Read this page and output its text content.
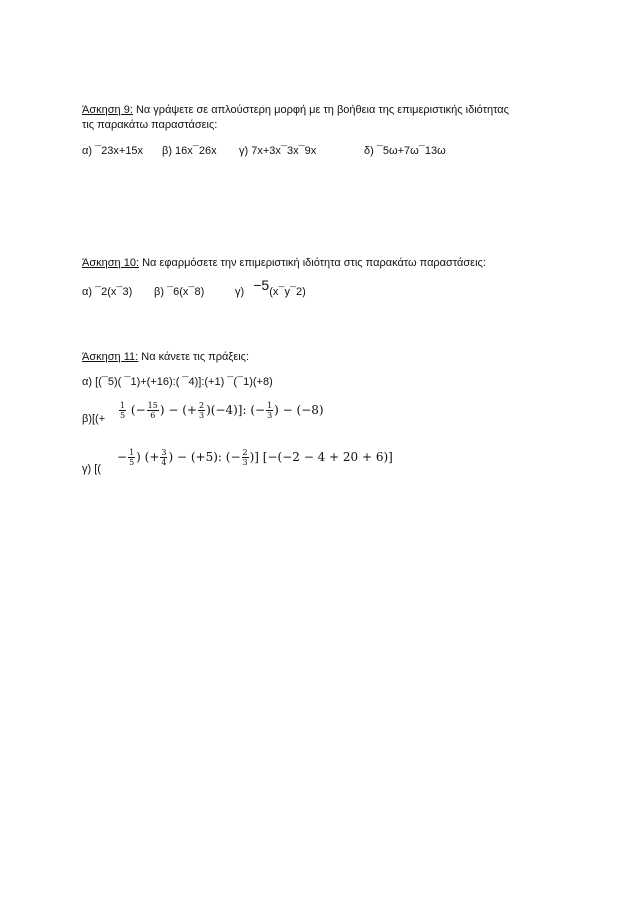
Άσκηση 9: Να γράψετε σε απλούστερη μορφή με τη βοήθεια της επιμεριστικής ιδιότητας
τις παρακάτω παραστάσεις:
α) ¯23x+15x β) 16x¯26x γ) 7x+3x¯3x¯9x	δ) ¯5ω+7ω¯13ω
Άσκηση 10: Να εφαρμόσετε την επιμεριστική ιδιότητα στις παρακάτω παραστάσεις:
α) ¯2(x¯3) β) ¯6(x¯8)	γ) −5(x¯y¯2)
Άσκηση 11: Να κάνετε τις πράξεις:
α) [(¯5)( ¯1)+(+16):( ¯4)]:(+1) ¯(¯1)(+8)
$\beta)[(+ \frac{1}{5}$ (− $\frac{15}{6}$ ) − (+ $\frac{2}{3} )(-4)$]: (− $\frac{1}{3}$ ) − (−8)
γ) [(
− $\frac{1}{5}$ ) (+ $\frac{3}{4}$ ) − (+5): (− $\frac{2}{3}$ )] [−(−2 − 4 + 20 + 6)]
